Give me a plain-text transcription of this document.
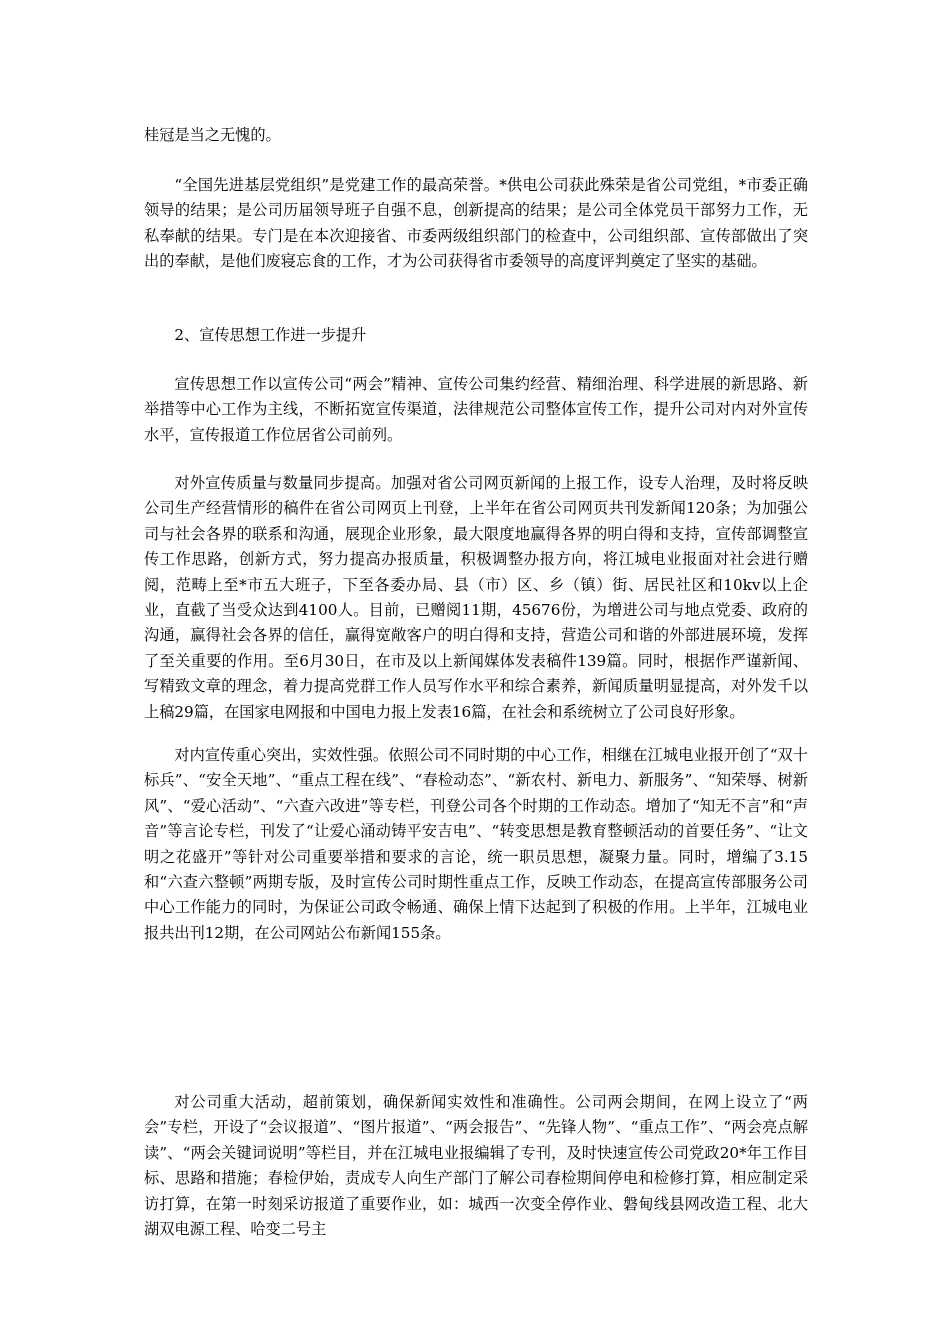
桂冠是当之无愧的。

“全国先进基层党组织”是党建工作的最高荣誉。*供电公司获此殊荣是省公司党组，*市委正确领导的结果；是公司历届领导班子自强不息，创新提高的结果；是公司全体党员干部努力工作，无私奉献的结果。专门是在本次迎接省、市委两级组织部门的检查中，公司组织部、宣传部做出了突出的奉献，是他们废寝忘食的工作，才为公司获得省市委领导的高度评判奠定了坚实的基础。

2、宣传思想工作进一步提升

宣传思想工作以宣传公司“两会”精神、宣传公司集约经营、精细治理、科学进展的新思路、新举措等中心工作为主线，不断拓宽宣传渠道，法律规范公司整体宣传工作，提升公司对内对外宣传水平，宣传报道工作位居省公司前列。

对外宣传质量与数量同步提高。加强对省公司网页新闻的上报工作，设专人治理，及时将反映公司生产经营情形的稿件在省公司网页上刊登，上半年在省公司网页共刊发新闻120条；为加强公司与社会各界的联系和沟通，展现企业形象，最大限度地赢得各界的明白得和支持，宣传部调整宣传工作思路，创新方式，努力提高办报质量，积极调整办报方向，将江城电业报面对社会进行赠阅，范畴上至*市五大班子，下至各委办局、县（市）区、乡（镇）街、居民社区和10kv以上企业，直截了当受众达到4100人。目前，已赠阅11期，45676份，为增进公司与地点党委、政府的沟通，赢得社会各界的信任，赢得宽敞客户的明白得和支持，营造公司和谐的外部进展环境，发挥了至关重要的作用。至6月30日，在市及以上新闻媒体发表稿件139篇。同时，根据作严谨新闻、写精致文章的理念，着力提高党群工作人员写作水平和综合素养，新闻质量明显提高，对外发千以上稿29篇，在国家电网报和中国电力报上发表16篇，在社会和系统树立了公司良好形象。

对内宣传重心突出，实效性强。依照公司不同时期的中心工作，相继在江城电业报开创了“双十标兵”、“安全天地”、“重点工程在线”、“春检动态”、“新农村、新电力、新服务”、“知荣辱、树新风”、“爱心活动”、“六查六改进”等专栏，刊登公司各个时期的工作动态。增加了“知无不言”和“声音”等言论专栏，刊发了“让爱心涌动铸平安吉电”、“转变思想是教育整顿活动的首要任务”、“让文明之花盛开”等针对公司重要举措和要求的言论，统一职员思想，凝聚力量。同时，增编了3.15和“六查六整顿”两期专版，及时宣传公司时期性重点工作，反映工作动态，在提高宣传部服务公司中心工作能力的同时，为保证公司政令畅通、确保上情下达起到了积极的作用。上半年，江城电业报共出刊12期，在公司网站公布新闻155条。

对公司重大活动，超前策划，确保新闻实效性和准确性。公司两会期间，在网上设立了“两会”专栏，开设了“会议报道”、“图片报道”、“两会报告”、“先锋人物”、“重点工作”、“两会亮点解读”、“两会关键词说明”等栏目，并在江城电业报编辑了专刊，及时快速宣传公司党政20*年工作目标、思路和措施；春检伊始，责成专人向生产部门了解公司春检期间停电和检修打算，相应制定采访打算，在第一时刻采访报道了重要作业，如：城西一次变全停作业、磐甸线县网改造工程、北大湖双电源工程、哈变二号主
